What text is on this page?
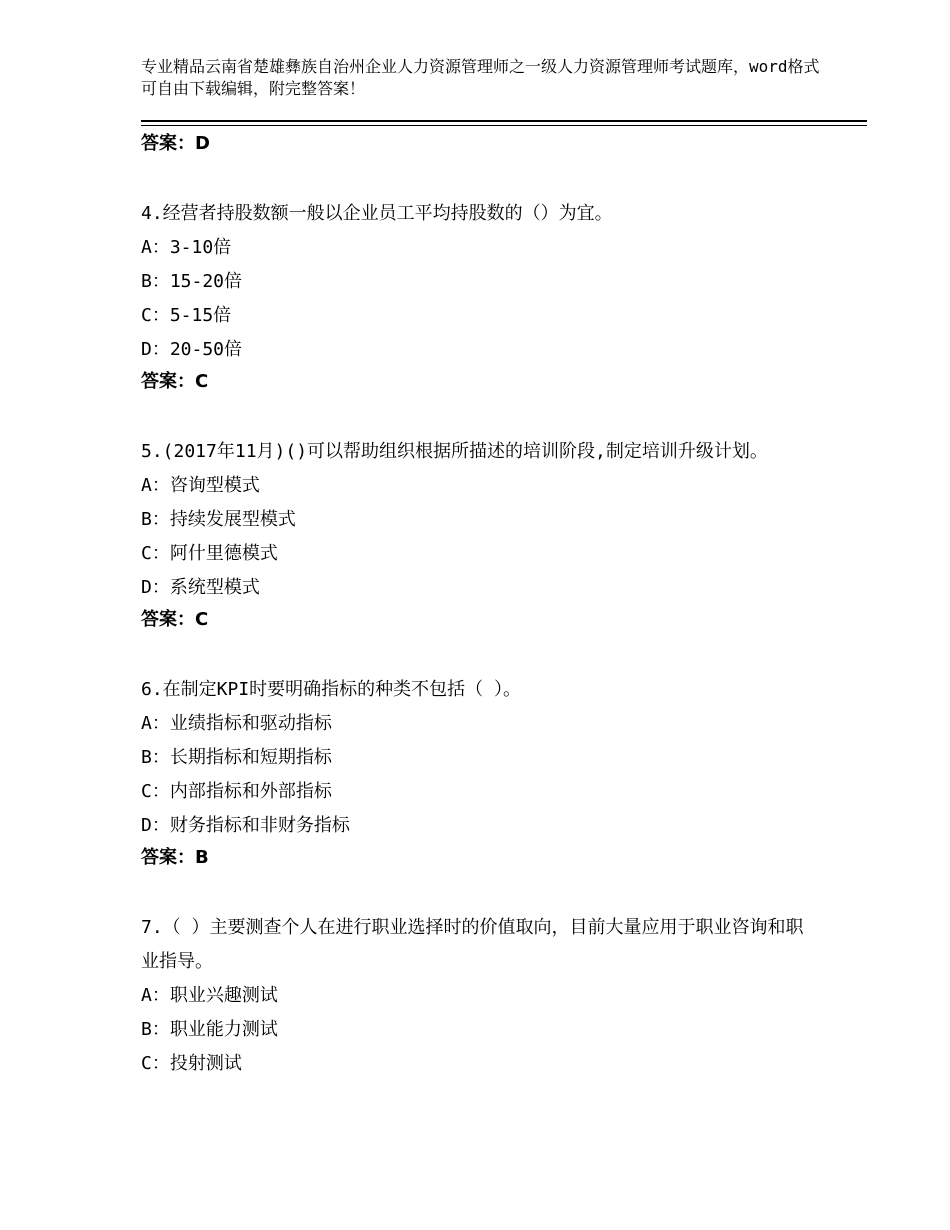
专业精品云南省楚雄彝族自治州企业人力资源管理师之一级人力资源管理师考试题库，word格式可自由下载编辑，附完整答案！

答案：D

4.经营者持股数额一般以企业员工平均持股数的（）为宜。

A：3-10倍

B：15-20倍

C：5-15倍

D：20-50倍

答案：C

5.(2017年11月)()可以帮助组织根据所描述的培训阶段,制定培训升级计划。

A：咨询型模式

B：持续发展型模式

C：阿什里德模式

D：系统型模式

答案：C

6.在制定KPI时要明确指标的种类不包括（ ）。

A：业绩指标和驱动指标

B：长期指标和短期指标

C：内部指标和外部指标

D：财务指标和非财务指标

答案：B

7.（ ）主要测查个人在进行职业选择时的价值取向，目前大量应用于职业咨询和职业指导。

A：职业兴趣测试

B：职业能力测试

C：投射测试
